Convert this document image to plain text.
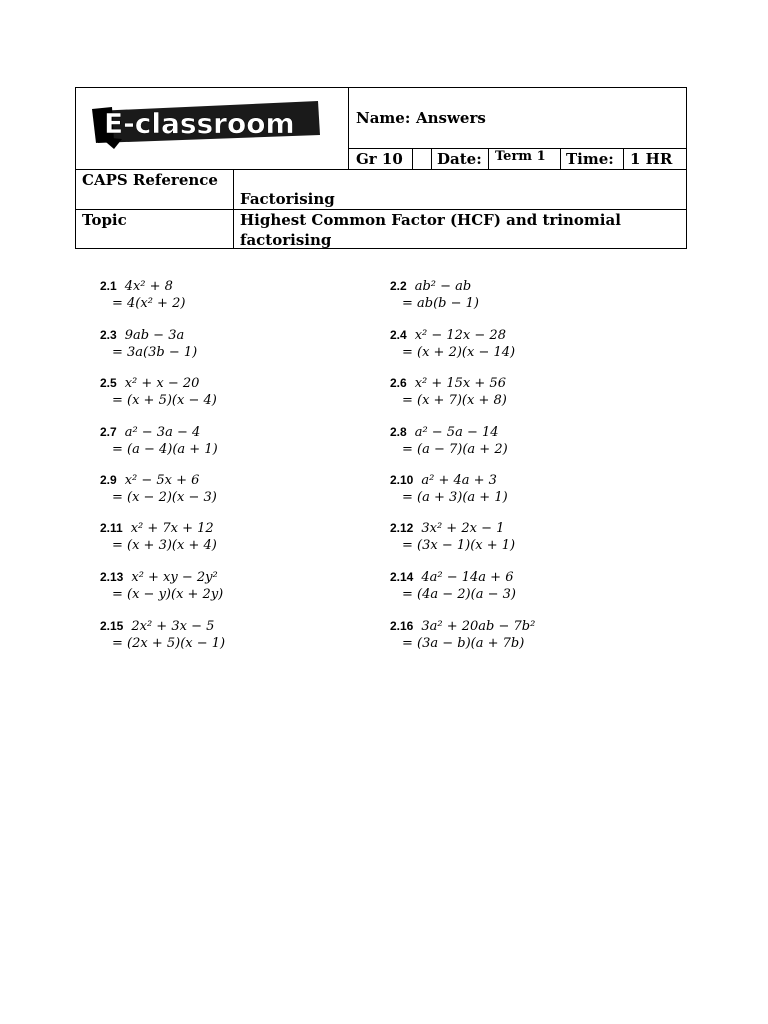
E-classroom	Name: Answers
Gr 10 Date: Term 1 Time: 1 HR
CAPS Reference
Factorising
Topic	Highest Common Factor (HCF) and trinomial
factorising
2.1 4x² + 8
= 4(x² + 2)
2.3 9ab − 3a
= 3a(3b − 1)
2.5 x² + x − 20
= (x + 5)(x − 4)
2.7 a² − 3a − 4
= (a − 4)(a + 1)
2.9 x² − 5x + 6
= (x − 2)(x − 3)
2.11 x² + 7x + 12
= (x + 3)(x + 4)
2.13 x² + xy − 2y²
= (x − y)(x + 2y)
2.15 2x² + 3x − 5
= (2x + 5)(x − 1)
2.2 ab² − ab
= ab(b − 1)
2.4 x² − 12x − 28
= (x + 2)(x − 14)
2.6 x² + 15x + 56
= (x + 7)(x + 8)
2.8 a² − 5a − 14
= (a − 7)(a + 2)
2.10 a² + 4a + 3
= (a + 3)(a + 1)
2.12 3x² + 2x − 1
= (3x − 1)(x + 1)
2.14 4a² − 14a + 6
= (4a − 2)(a − 3)
2.16 3a² + 20ab − 7b²
= (3a − b)(a + 7b)
